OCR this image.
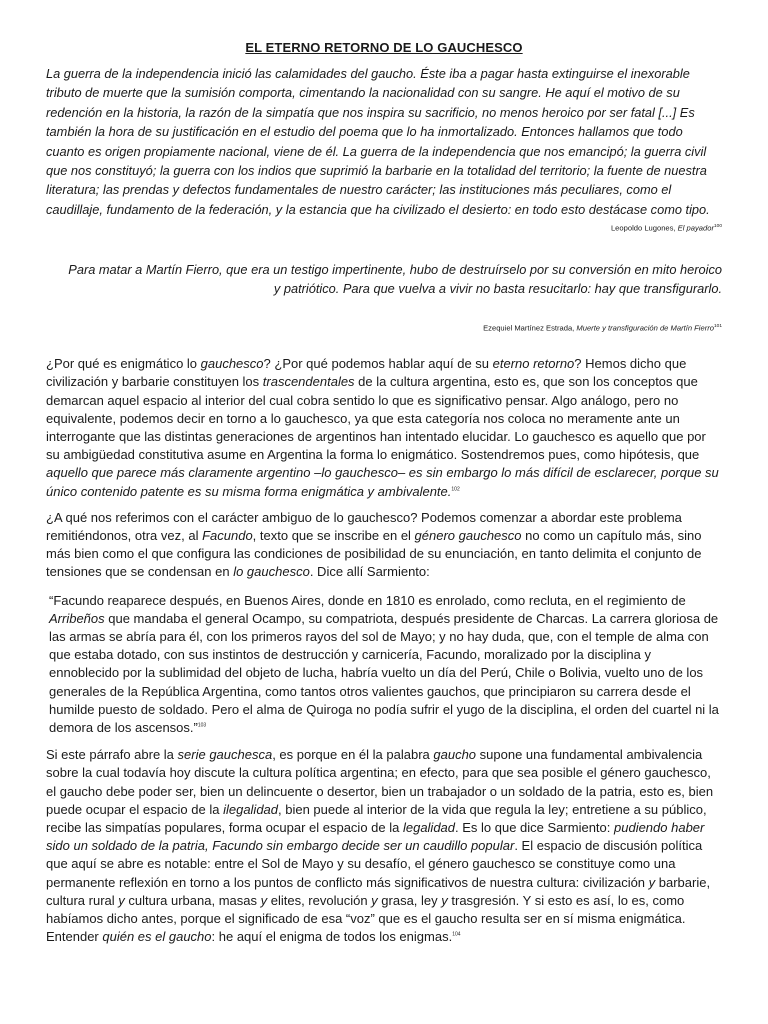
EL ETERNO RETORNO DE LO GAUCHESCO

La guerra de la independencia inició las calamidades del gaucho. Éste iba a pagar hasta extinguirse el inexorable tributo de muerte que la sumisión comporta, cimentando la nacionalidad con su sangre. He aquí el motivo de su redención en la historia, la razón de la simpatía que nos inspira su sacrificio, no menos heroico por ser fatal [...] Es también la hora de su justificación en el estudio del poema que lo ha inmortalizado. Entonces hallamos que todo cuanto es origen propiamente nacional, viene de él. La guerra de la independencia que nos emancipó; la guerra civil que nos constituyó; la guerra con los indios que suprimió la barbarie en la totalidad del territorio; la fuente de nuestra literatura; las prendas y defectos fundamentales de nuestro carácter; las instituciones más peculiares, como el caudillaje, fundamento de la federación, y la estancia que ha civilizado el desierto: en todo esto destácase como tipo.

Leopoldo Lugones, El payador$^{100}$

Para matar a Martín Fierro, que era un testigo impertinente, hubo de destruírselo por su conversión en mito heroico
y patriótico. Para que vuelva a vivir no basta resucitarlo: hay que transfigurarlo.

Ezequiel Martínez Estrada, Muerte y transfiguración de Martín Fierro$^{101}$

¿Por qué es enigmático lo gauchesco? ¿Por qué podemos hablar aquí de su eterno retorno? Hemos dicho que civilización y barbarie constituyen los trascendentales de la cultura argentina, esto es, que son los conceptos que demarcan aquel espacio al interior del cual cobra sentido lo que es significativo pensar. Algo análogo, pero no equivalente, podemos decir en torno a lo gauchesco, ya que esta categoría nos coloca no meramente ante un interrogante que las distintas generaciones de argentinos han intentado elucidar. Lo gauchesco es aquello que por su ambigüedad constitutiva asume en Argentina la forma lo enigmático. Sostendremos pues, como hipótesis, que aquello que parece más claramente argentino –lo gauchesco– es sin embargo lo más difícil de esclarecer, porque su único contenido patente es su misma forma enigmática y ambivalente.$^{102}$

¿A qué nos referimos con el carácter ambiguo de lo gauchesco? Podemos comenzar a abordar este problema remitiéndonos, otra vez, al Facundo, texto que se inscribe en el género gauchesco no como un capítulo más, sino más bien como el que configura las condiciones de posibilidad de su enunciación, en tanto delimita el conjunto de tensiones que se condensan en lo gauchesco. Dice allí Sarmiento:

“Facundo reaparece después, en Buenos Aires, donde en 1810 es enrolado, como recluta, en el regimiento de Arribeños que mandaba el general Ocampo, su compatriota, después presidente de Charcas. La carrera gloriosa de las armas se abría para él, con los primeros rayos del sol de Mayo; y no hay duda, que, con el temple de alma con que estaba dotado, con sus instintos de destrucción y carnicería, Facundo, moralizado por la disciplina y ennoblecido por la sublimidad del objeto de lucha, habría vuelto un día del Perú, Chile o Bolivia, vuelto uno de los generales de la República Argentina, como tantos otros valientes gauchos, que principiaron su carrera desde el humilde puesto de soldado. Pero el alma de Quiroga no podía sufrir el yugo de la disciplina, el orden del cuartel ni la demora de los ascensos.”$^{103}$

Si este párrafo abre la serie gauchesca, es porque en él la palabra gaucho supone una fundamental ambivalencia sobre la cual todavía hoy discute la cultura política argentina; en efecto, para que sea posible el género gauchesco, el gaucho debe poder ser, bien un delincuente o desertor, bien un trabajador o un soldado de la patria, esto es, bien puede ocupar el espacio de la ilegalidad, bien puede al interior de la vida que regula la ley; entretiene a su público, recibe las simpatías populares, forma ocupar el espacio de la legalidad. Es lo que dice Sarmiento: pudiendo haber sido un soldado de la patria, Facundo sin embargo decide ser un caudillo popular. El espacio de discusión política que aquí se abre es notable: entre el Sol de Mayo y su desafío, el género gauchesco se constituye como una permanente reflexión en torno a los puntos de conflicto más significativos de nuestra cultura: civilización y barbarie, cultura rural y cultura urbana, masas y elites, revolución y grasa, ley y trasgresión. Y si esto es así, lo es, como habíamos dicho antes, porque el significado de esa “voz” que es el gaucho resulta ser en sí misma enigmática. Entender quién es el gaucho: he aquí el enigma de todos los enigmas.$^{104}$
